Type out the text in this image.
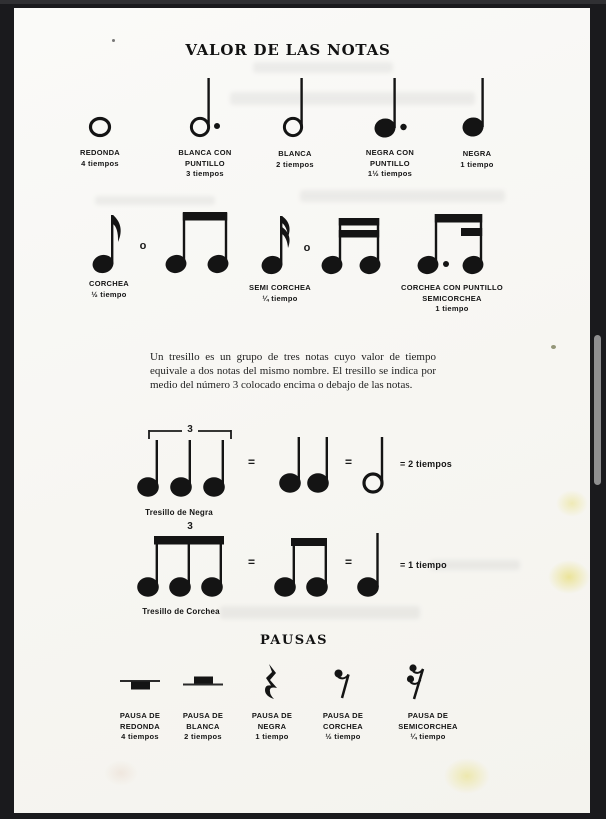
VALOR DE LAS NOTAS
REDONDA
4 tiempos
BLANCA CON
PUNTILLO
3 tiempos
BLANCA
2 tiempos
NEGRA CON
PUNTILLO
1½ tiempos
NEGRA
1 tiempo
o	o
CORCHEA
½ tiempo
SEMI CORCHEA
¼ tiempo
CORCHEA CON PUNTILLO
SEMICORCHEA
1 tiempo
Un tresillo es un grupo de tres notas cuyo valor de tiempo equivale a dos notas del mismo nombre. El tresillo se indica por medio del número 3 colocado encima o debajo de las notas.
3
=	=	= 2 tiempos
Tresillo de Negra
3
=	=	= 1 tiempo
Tresillo de Corchea
PAUSAS
PAUSA DE
REDONDA
4 tiempos
PAUSA DE
BLANCA
2 tiempos
PAUSA DE
NEGRA
1 tiempo
PAUSA DE
CORCHEA
½ tiempo
PAUSA DE
SEMICORCHEA
¼ tiempo
